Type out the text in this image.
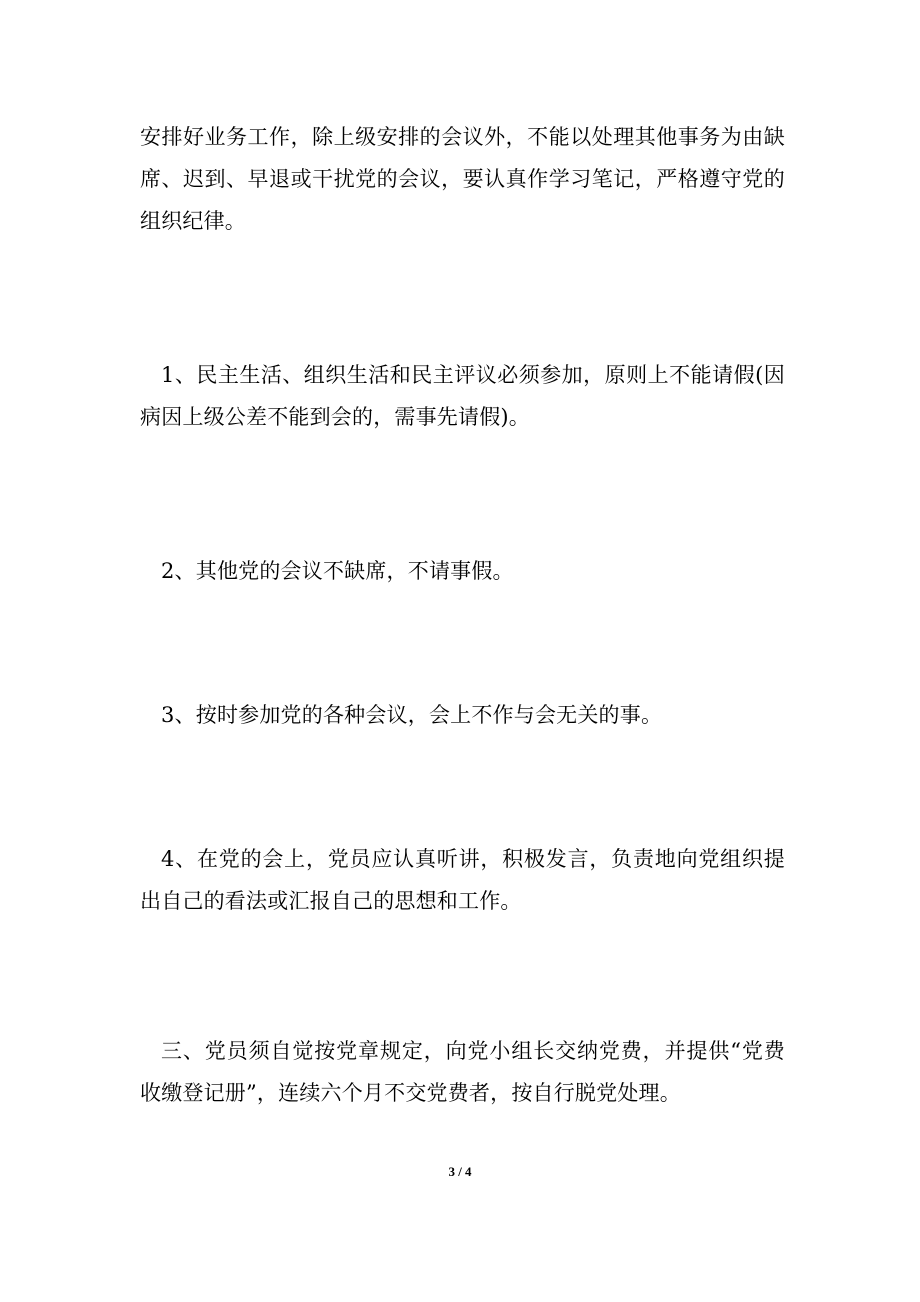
安排好业务工作，除上级安排的会议外，不能以处理其他事务为由缺席、迟到、早退或干扰党的会议，要认真作学习笔记，严格遵守党的组织纪律。

1、民主生活、组织生活和民主评议必须参加，原则上不能请假(因病因上级公差不能到会的，需事先请假)。

2、其他党的会议不缺席，不请事假。

3、按时参加党的各种会议，会上不作与会无关的事。

4、在党的会上，党员应认真听讲，积极发言，负责地向党组织提出自己的看法或汇报自己的思想和工作。

三、党员须自觉按党章规定，向党小组长交纳党费，并提供“党费收缴登记册”，连续六个月不交党费者，按自行脱党处理。

3 / 4
